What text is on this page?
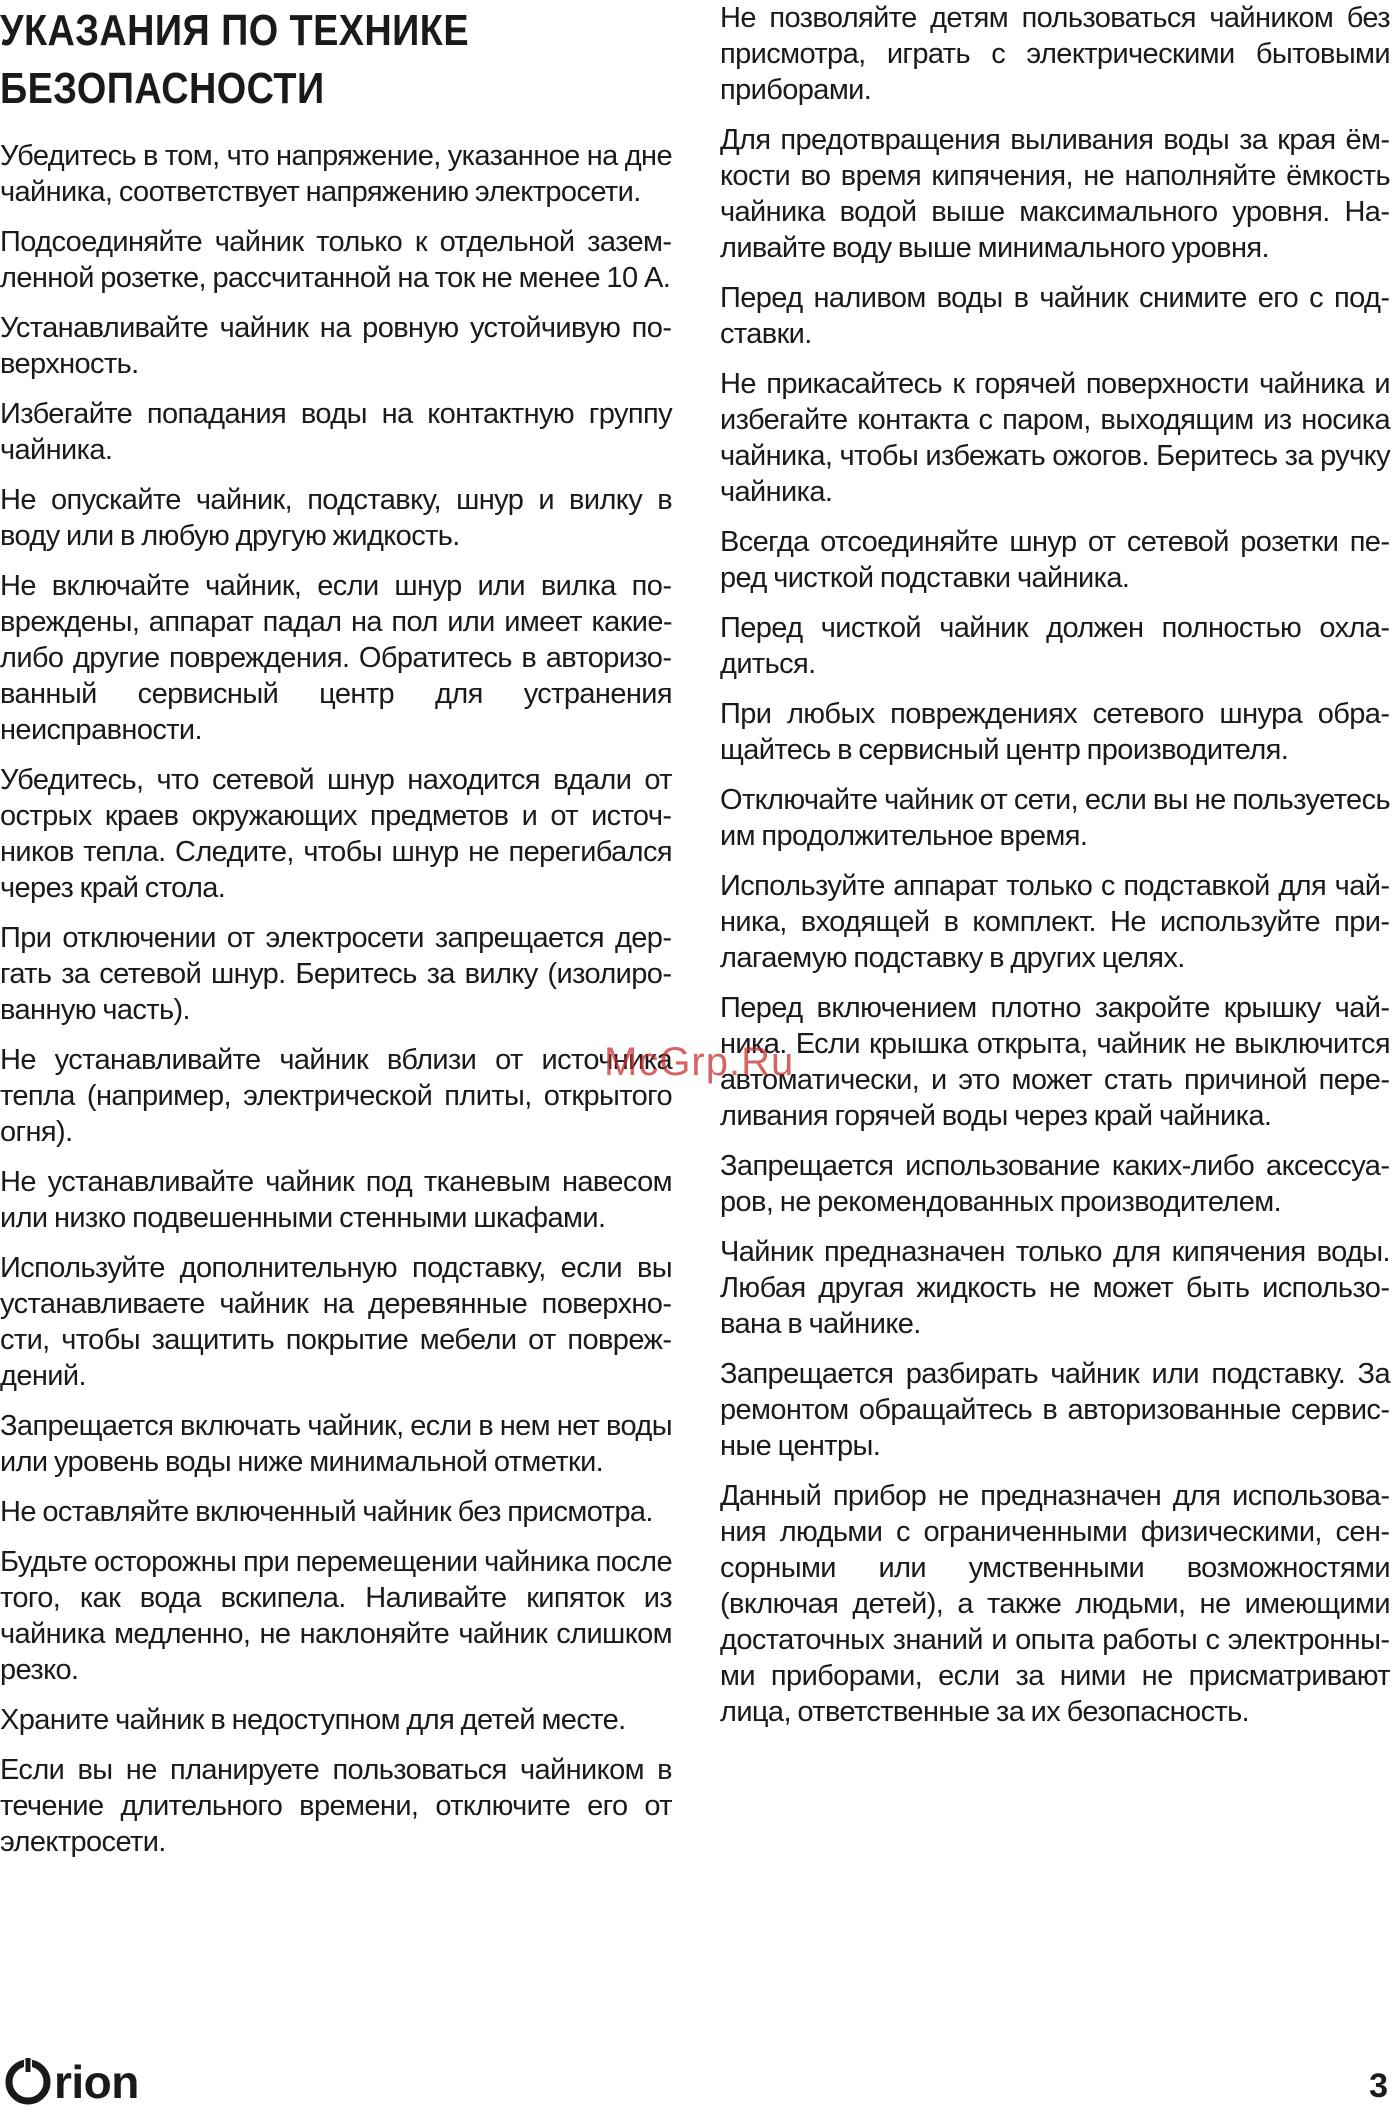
УКАЗАНИЯ ПО ТЕХНИКЕ БЕЗОПАСНОСТИ

Убедитесь в том, что напряжение, указанное на дне чайника, соответствует напряжению электросети.

Подсоединяйте чайник только к отдельной заземленной розетке, рассчитанной на ток не менее 10 А.

Устанавливайте чайник на ровную устойчивую поверхность.

Избегайте попадания воды на контактную группу чайника.

Не опускайте чайник, подставку, шнур и вилку в воду или в любую другую жидкость.

Не включайте чайник, если шнур или вилка повреждены, аппарат падал на пол или имеет какие-либо другие повреждения. Обратитесь в авторизованный сервисный центр для устранения неисправности.

Убедитесь, что сетевой шнур находится вдали от острых краев окружающих предметов и от источников тепла. Следите, чтобы шнур не перегибался через край стола.

При отключении от электросети запрещается дергать за сетевой шнур. Беритесь за вилку (изолированную часть).

Не устанавливайте чайник вблизи от источника тепла (например, электрической плиты, открытого огня).

Не устанавливайте чайник под тканевым навесом или низко подвешенными стенными шкафами.

Используйте дополнительную подставку, если вы устанавливаете чайник на деревянные поверхности, чтобы защитить покрытие мебели от повреждений.

Запрещается включать чайник, если в нем нет воды или уровень воды ниже минимальной отметки.

Не оставляйте включенный чайник без присмотра.

Будьте осторожны при перемещении чайника после того, как вода вскипела. Наливайте кипяток из чайника медленно, не наклоняйте чайник слишком резко.

Храните чайник в недоступном для детей месте.

Если вы не планируете пользоваться чайником в течение длительного времени, отключите его от электросети.

Не позволяйте детям пользоваться чайником без присмотра, играть с электрическими бытовыми приборами.

Для предотвращения выливания воды за края ёмкости во время кипячения, не наполняйте ёмкость чайника водой выше максимального уровня. Наливайте воду выше минимального уровня.

Перед наливом воды в чайник снимите его с подставки.

Не прикасайтесь к горячей поверхности чайника и избегайте контакта с паром, выходящим из носика чайника, чтобы избежать ожогов. Беритесь за ручку чайника.

Всегда отсоединяйте шнур от сетевой розетки перед чисткой подставки чайника.

Перед чисткой чайник должен полностью охладиться.

При любых повреждениях сетевого шнура обращайтесь в сервисный центр производителя.

Отключайте чайник от сети, если вы не пользуетесь им продолжительное время.

Используйте аппарат только с подставкой для чайника, входящей в комплект. Не используйте прилагаемую подставку в других целях.

Перед включением плотно закройте крышку чайника. Если крышка открыта, чайник не выключится автоматически, и это может стать причиной переливания горячей воды через край чайника.

Запрещается использование каких-либо аксессуаров, не рекомендованных производителем.

Чайник предназначен только для кипячения воды. Любая другая жидкость не может быть использована в чайнике.

Запрещается разбирать чайник или подставку. За ремонтом обращайтесь в авторизованные сервисные центры.

Данный прибор не предназначен для использования людьми с ограниченными физическими, сенсорными или умственными возможностями (включая детей), а также людьми, не имеющими достаточных знаний и опыта работы с электронными приборами, если за ними не присматривают лица, ответственные за их безопасность.

McGrp.Ru
rion	3
